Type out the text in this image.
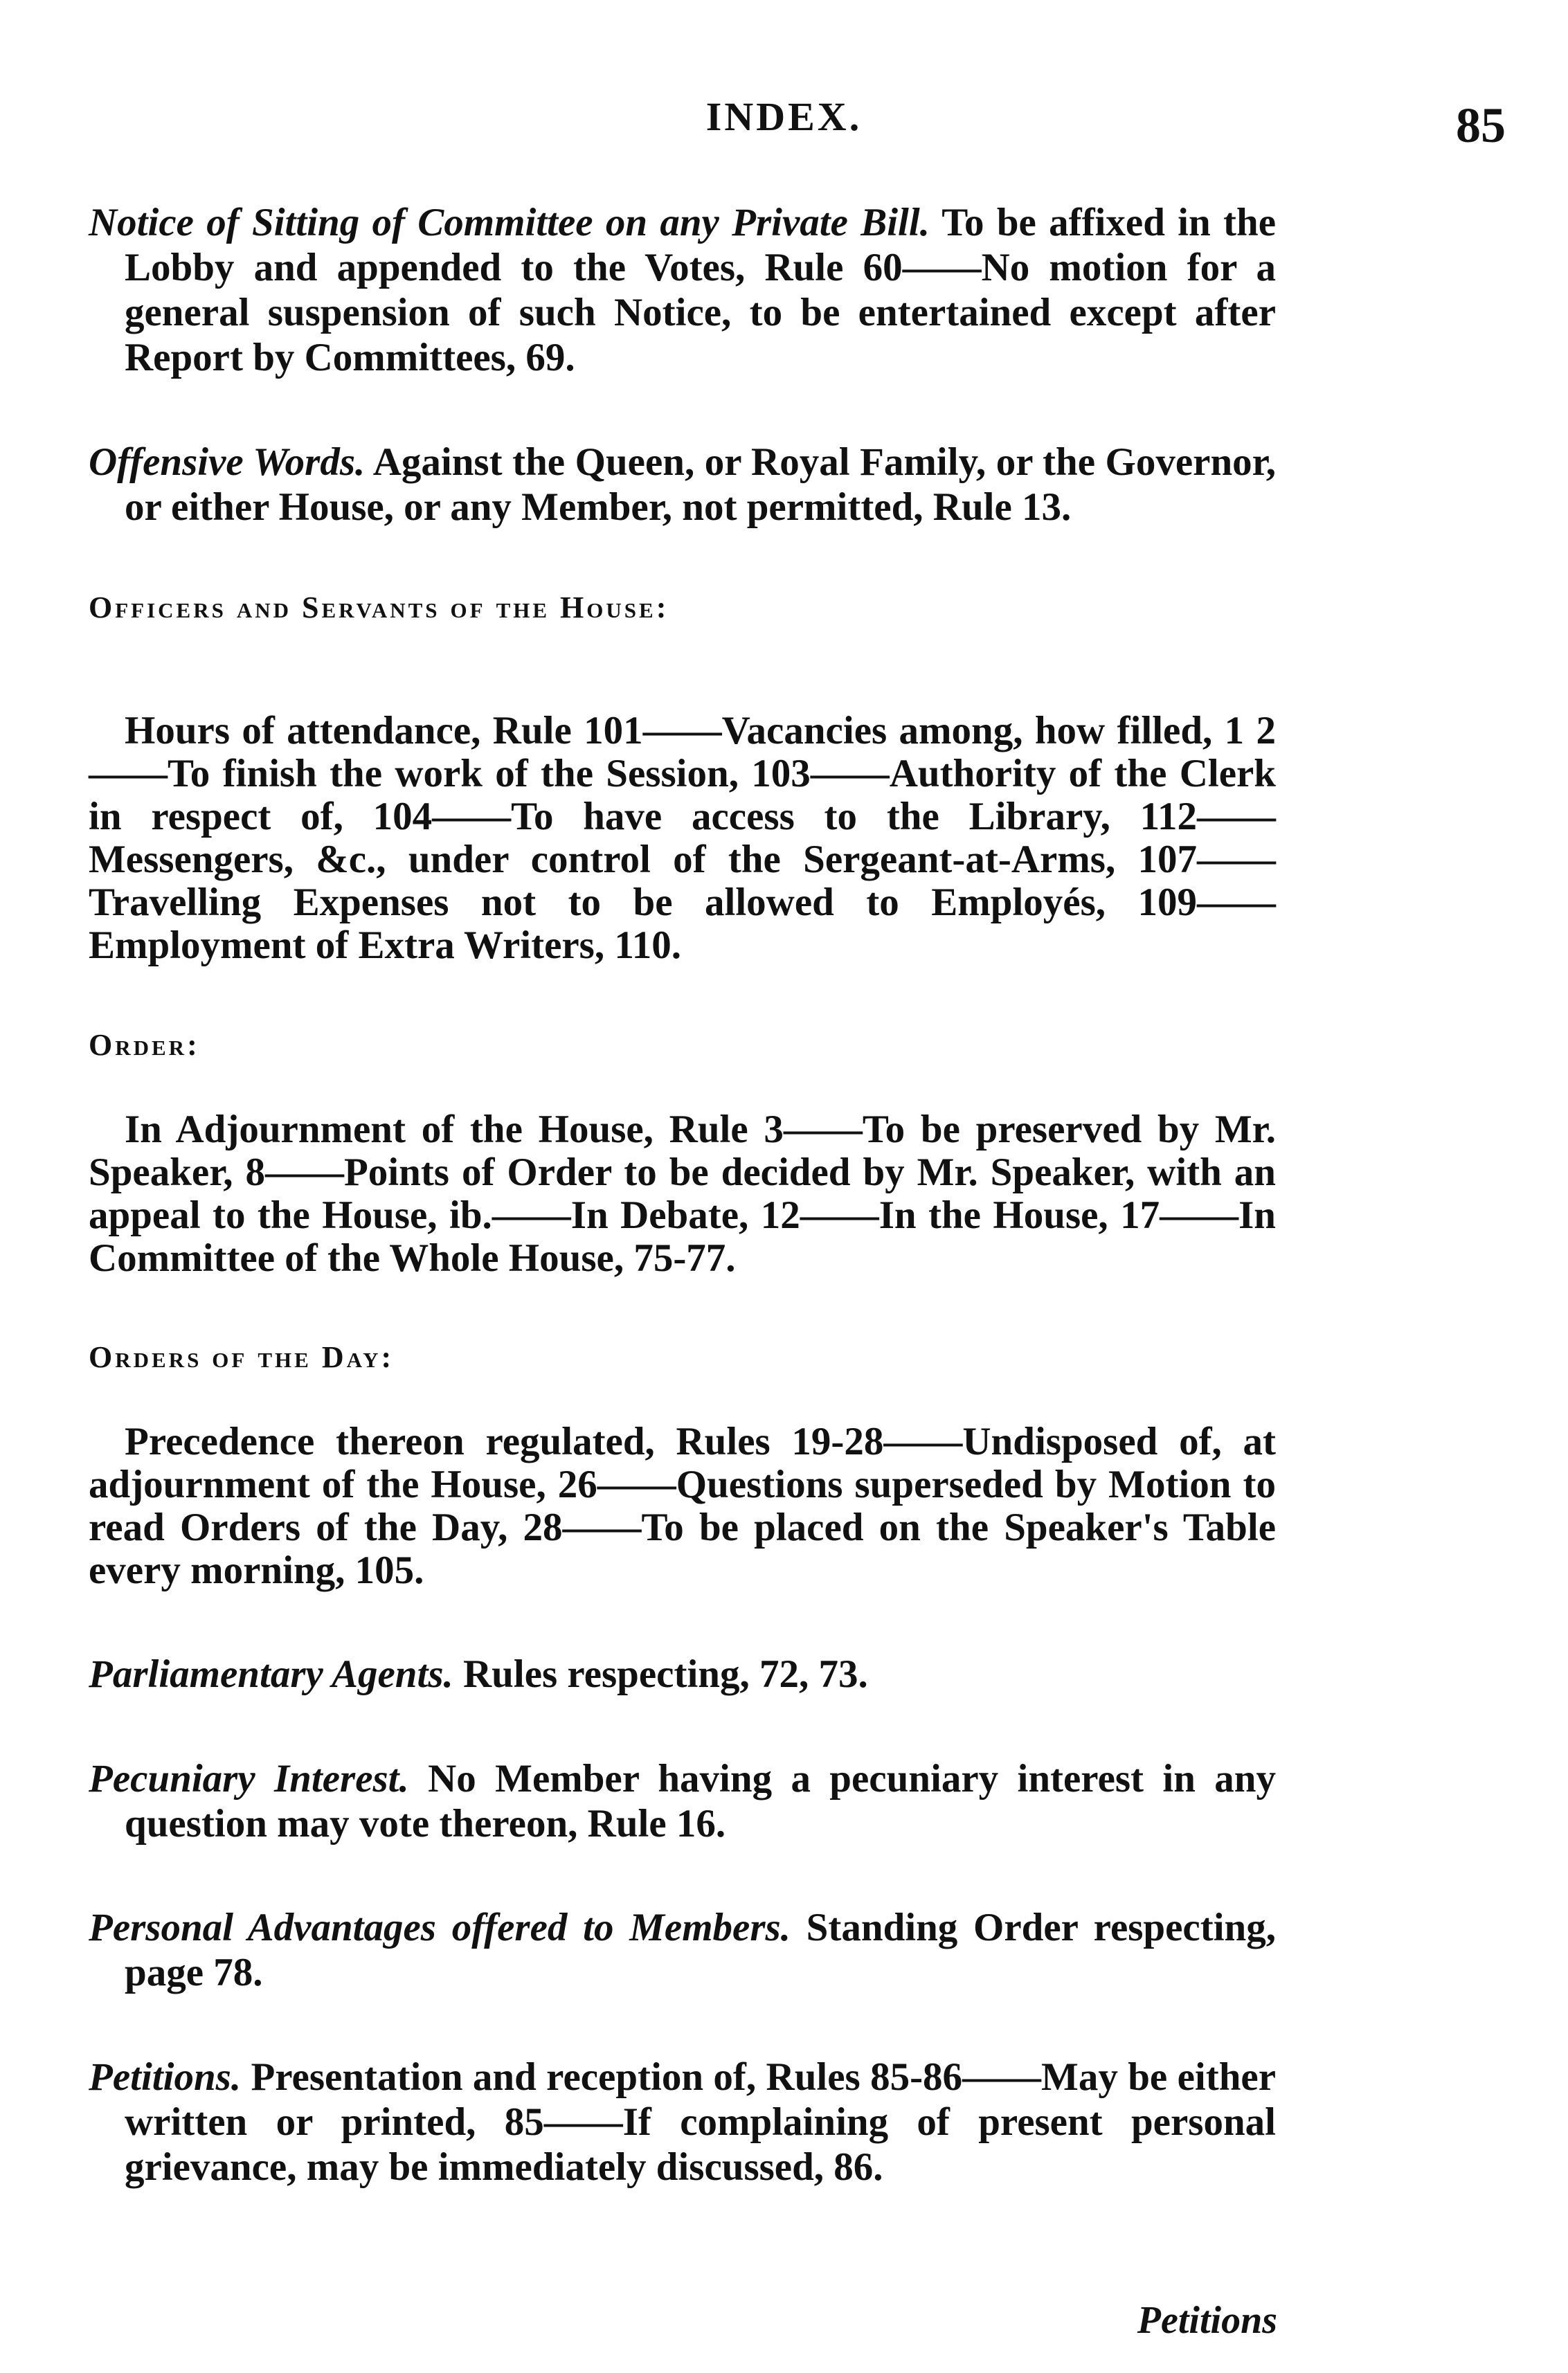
INDEX.	85

Notice of Sitting of Committee on any Private Bill. To be affixed in the Lobby and appended to the Votes, Rule 60——No motion for a general suspension of such Notice, to be entertained except after Report by Committees, 69.

Offensive Words. Against the Queen, or Royal Family, or the Governor, or either House, or any Member, not permitted, Rule 13.

Officers and Servants of the House:

Hours of attendance, Rule 101——Vacancies among, how filled, 1 2——To finish the work of the Session, 103——Authority of the Clerk in respect of, 104——To have access to the Library, 112——Messengers, &c., under control of the Sergeant-at-Arms, 107——Travelling Expenses not to be allowed to Employés, 109——Employment of Extra Writers, 110.

Order:

In Adjournment of the House, Rule 3——To be preserved by Mr. Speaker, 8——Points of Order to be decided by Mr. Speaker, with an appeal to the House, ib.——In Debate, 12——In the House, 17——In Committee of the Whole House, 75-77.

Orders of the Day:

Precedence thereon regulated, Rules 19-28——Undisposed of, at adjournment of the House, 26——Questions superseded by Motion to read Orders of the Day, 28——To be placed on the Speaker's Table every morning, 105.

Parliamentary Agents. Rules respecting, 72, 73.

Pecuniary Interest. No Member having a pecuniary interest in any question may vote thereon, Rule 16.

Personal Advantages offered to Members. Standing Order respecting, page 78.

Petitions. Presentation and reception of, Rules 85-86——May be either written or printed, 85——If complaining of present personal grievance, may be immediately discussed, 86.

Petitions
